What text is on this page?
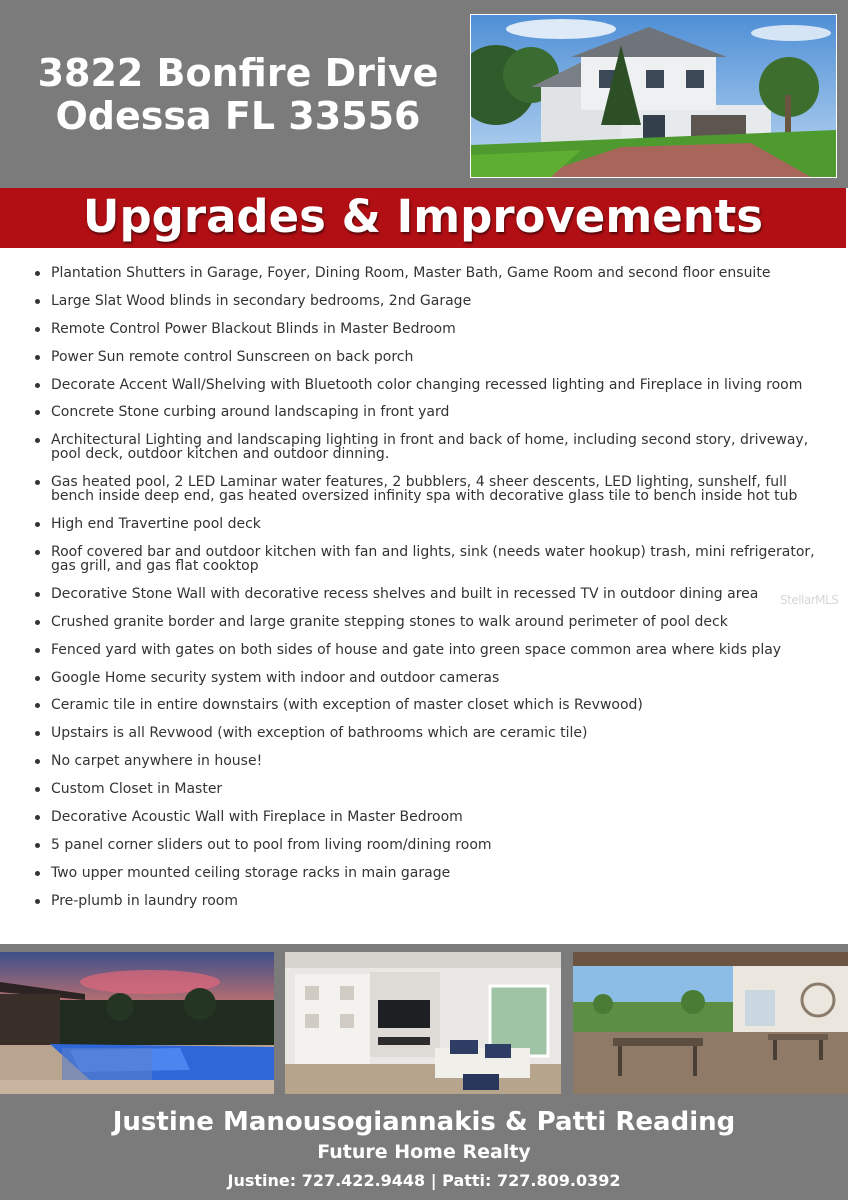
3822 Bonfire Drive
Odessa FL 33556
Upgrades & Improvements
Plantation Shutters in Garage, Foyer, Dining Room, Master Bath, Game Room and second floor ensuite
Large Slat Wood blinds in secondary bedrooms, 2nd Garage
Remote Control Power Blackout Blinds in Master Bedroom
Power Sun remote control Sunscreen on back porch
Decorate Accent Wall/Shelving with Bluetooth color changing recessed lighting and Fireplace in living room
Concrete Stone curbing around landscaping in front yard
Architectural Lighting and landscaping lighting in front and back of home, including second story, driveway, pool deck, outdoor kitchen and outdoor dinning.
Gas heated pool, 2 LED Laminar water features, 2 bubblers, 4 sheer descents, LED lighting, sunshelf, full bench inside deep end, gas heated oversized infinity spa with decorative glass tile to bench inside hot tub
High end Travertine pool deck
Roof covered bar and outdoor kitchen with fan and lights, sink (needs water hookup) trash, mini refrigerator, gas grill, and gas flat cooktop
Decorative Stone Wall with decorative recess shelves and built in recessed TV in outdoor dining area
Crushed granite border and large granite stepping stones to walk around perimeter of pool deck
Fenced yard with gates on both sides of house and gate into green space common area where kids play
Google Home security system with indoor and outdoor cameras
Ceramic tile in entire downstairs (with exception of master closet which is Revwood)
Upstairs is all Revwood (with exception of bathrooms which are ceramic tile)
No carpet anywhere in house!
Custom Closet in Master
Decorative Acoustic Wall with Fireplace in Master Bedroom
5 panel corner sliders out to pool from living room/dining room
Two upper mounted ceiling storage racks in main garage
Pre-plumb in laundry room
StellarMLS
Justine Manousogiannakis & Patti Reading
Future Home Realty
Justine: 727.422.9448 | Patti: 727.809.0392
